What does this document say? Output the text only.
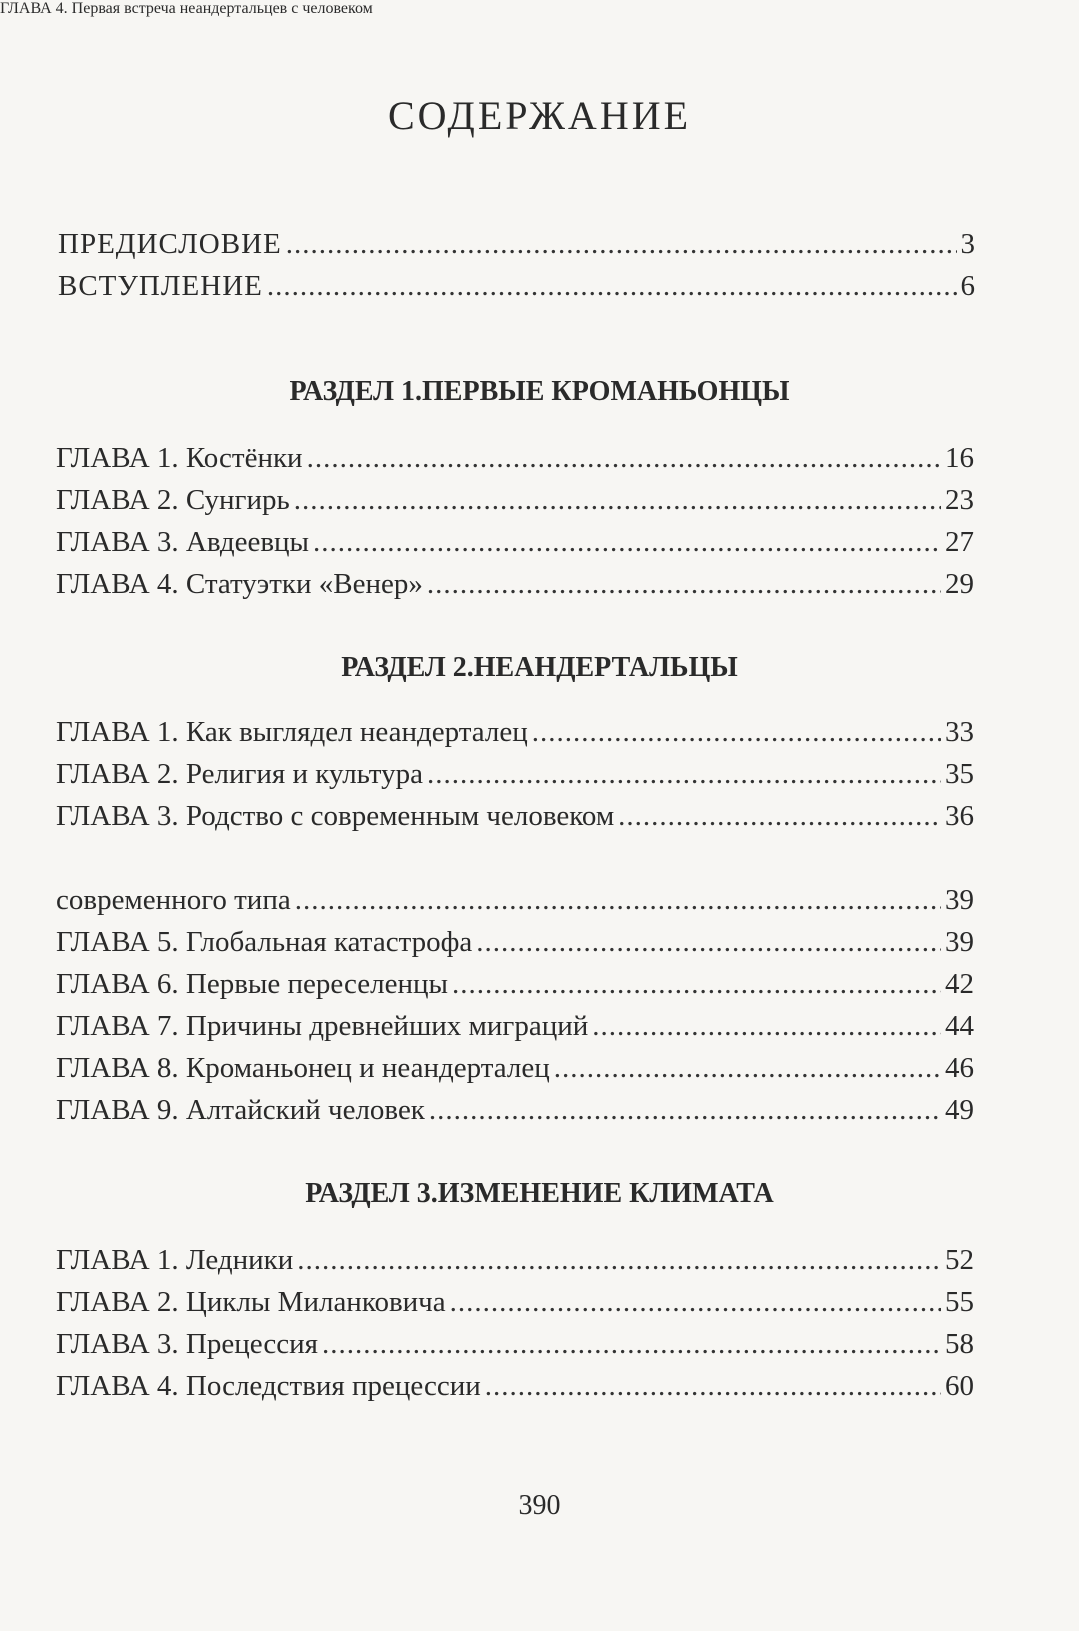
СОДЕРЖАНИЕ
ПРЕДИСЛОВИЕ .....	3
ВСТУПЛЕНИЕ .....	6
РАЗДЕЛ 1.ПЕРВЫЕ КРОМАНЬОНЦЫ
ГЛАВА 1. Костёнки .....	16
ГЛАВА 2. Сунгирь .....	23
ГЛАВА 3. Авдеевцы .....	27
ГЛАВА 4. Статуэтки «Венер» .....	29
РАЗДЕЛ 2.НЕАНДЕРТАЛЬЦЫ
ГЛАВА 1. Как выглядел неандерталец .....	33
ГЛАВА 2. Религия и культура .....	35
ГЛАВА 3. Родство с современным человеком .....	36
ГЛАВА 4. Первая встреча неандертальцев с человеком
современного типа .....	39
ГЛАВА 5. Глобальная катастрофа .....	39
ГЛАВА 6. Первые переселенцы .....	42
ГЛАВА 7. Причины древнейших миграций .....	44
ГЛАВА 8. Кроманьонец и неандерталец .....	46
ГЛАВА 9. Алтайский человек .....	49
РАЗДЕЛ 3.ИЗМЕНЕНИЕ КЛИМАТА
ГЛАВА 1. Ледники .....	52
ГЛАВА 2. Циклы Миланковича .....	55
ГЛАВА 3. Прецессия .....	58
ГЛАВА 4. Последствия прецессии .....	60
390
